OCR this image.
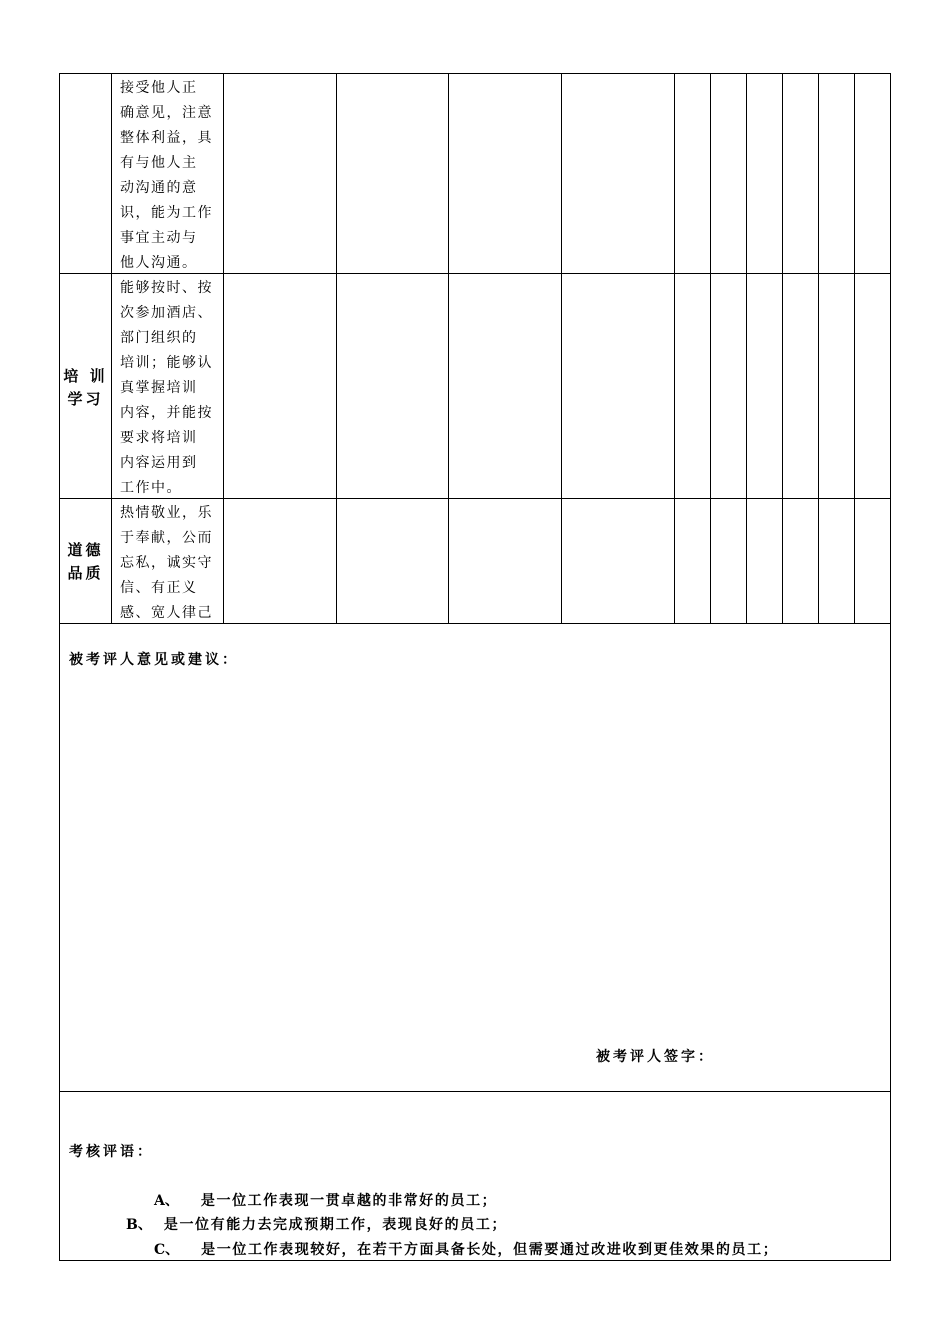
接受他人正
确意见，注意
整体利益，具
有与他人主
动沟通的意
识，能为工作
事宜主动与
他人沟通。
培 训
学习
能够按时、按
次参加酒店、
部门组织的
培训；能够认
真掌握培训
内容，并能按
要求将培训
内容运用到
工作中。
道德
品质
热情敬业，乐
于奉献，公而
忘私，诚实守
信、有正义
感、宽人律己
被考评人意见或建议：
被考评人签字：
考核评语：
A、 是一位工作表现一贯卓越的非常好的员工；
B、 是一位有能力去完成预期工作，表现良好的员工；
C、 是一位工作表现较好，在若干方面具备长处，但需要通过改进收到更佳效果的员工；
